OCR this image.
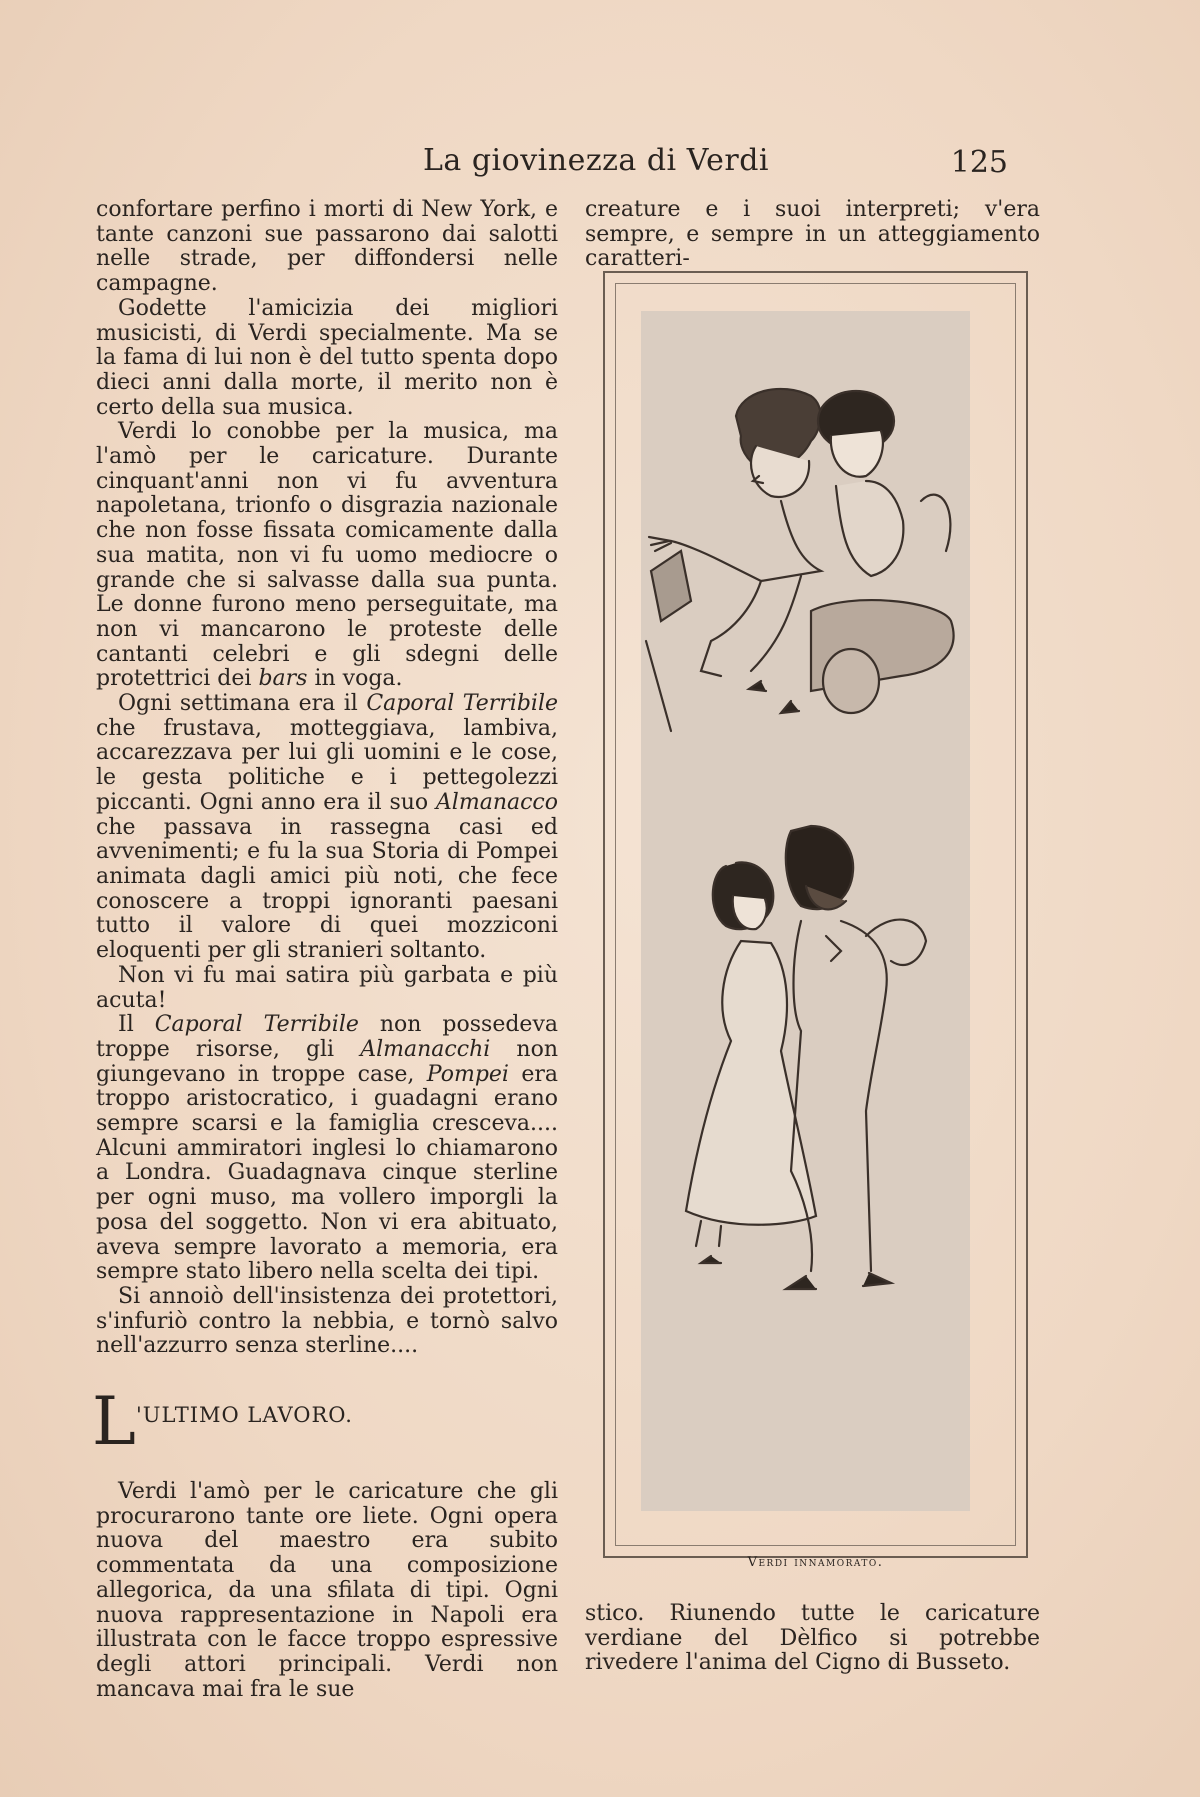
La giovinezza di Verdi	125

confortare perfino i morti di New York, e tante canzoni sue passarono dai salotti nelle strade, per diffondersi nelle campagne.

Godette l'amicizia dei migliori musicisti, di Verdi specialmente. Ma se la fama di lui non è del tutto spenta dopo dieci anni dalla morte, il merito non è certo della sua musica.

Verdi lo conobbe per la musica, ma l'amò per le caricature. Durante cinquant'anni non vi fu avventura napoletana, trionfo o disgrazia nazionale che non fosse fissata comicamente dalla sua matita, non vi fu uomo mediocre o grande che si salvasse dalla sua punta. Le donne furono meno perseguitate, ma non vi mancarono le proteste delle cantanti celebri e gli sdegni delle protettrici dei bars in voga.

Ogni settimana era il Caporal Terribile che frustava, motteggiava, lambiva, accarezzava per lui gli uomini e le cose, le gesta politiche e i pettegolezzi piccanti. Ogni anno era il suo Almanacco che passava in rassegna casi ed avvenimenti; e fu la sua Storia di Pompei animata dagli amici più noti, che fece conoscere a troppi ignoranti paesani tutto il valore di quei mozziconi eloquenti per gli stranieri soltanto.

Non vi fu mai satira più garbata e più acuta!

Il Caporal Terribile non possedeva troppe risorse, gli Almanacchi non giungevano in troppe case, Pompei era troppo aristocratico, i guadagni erano sempre scarsi e la famiglia cresceva.... Alcuni ammiratori inglesi lo chiamarono a Londra. Guadagnava cinque sterline per ogni muso, ma vollero imporgli la posa del soggetto. Non vi era abituato, aveva sempre lavorato a memoria, era sempre stato libero nella scelta dei tipi.

Si annoiò dell'insistenza dei protettori, s'infuriò contro la nebbia, e tornò salvo nell'azzurro senza sterline....

L 'ULTIMO LAVORO.

Verdi l'amò per le caricature che gli procurarono tante ore liete. Ogni opera nuova del maestro era subito commentata da una composizione allegorica, da una sfilata di tipi. Ogni nuova rappresentazione in Napoli era illustrata con le facce troppo espressive degli attori principali. Verdi non mancava mai fra le sue

creature e i suoi interpreti; v'era sempre, e sempre in un atteggiamento caratteri-

Verdi innamorato.

stico. Riunendo tutte le caricature verdiane del Dèlfico si potrebbe rivedere l'anima del Cigno di Busseto.
